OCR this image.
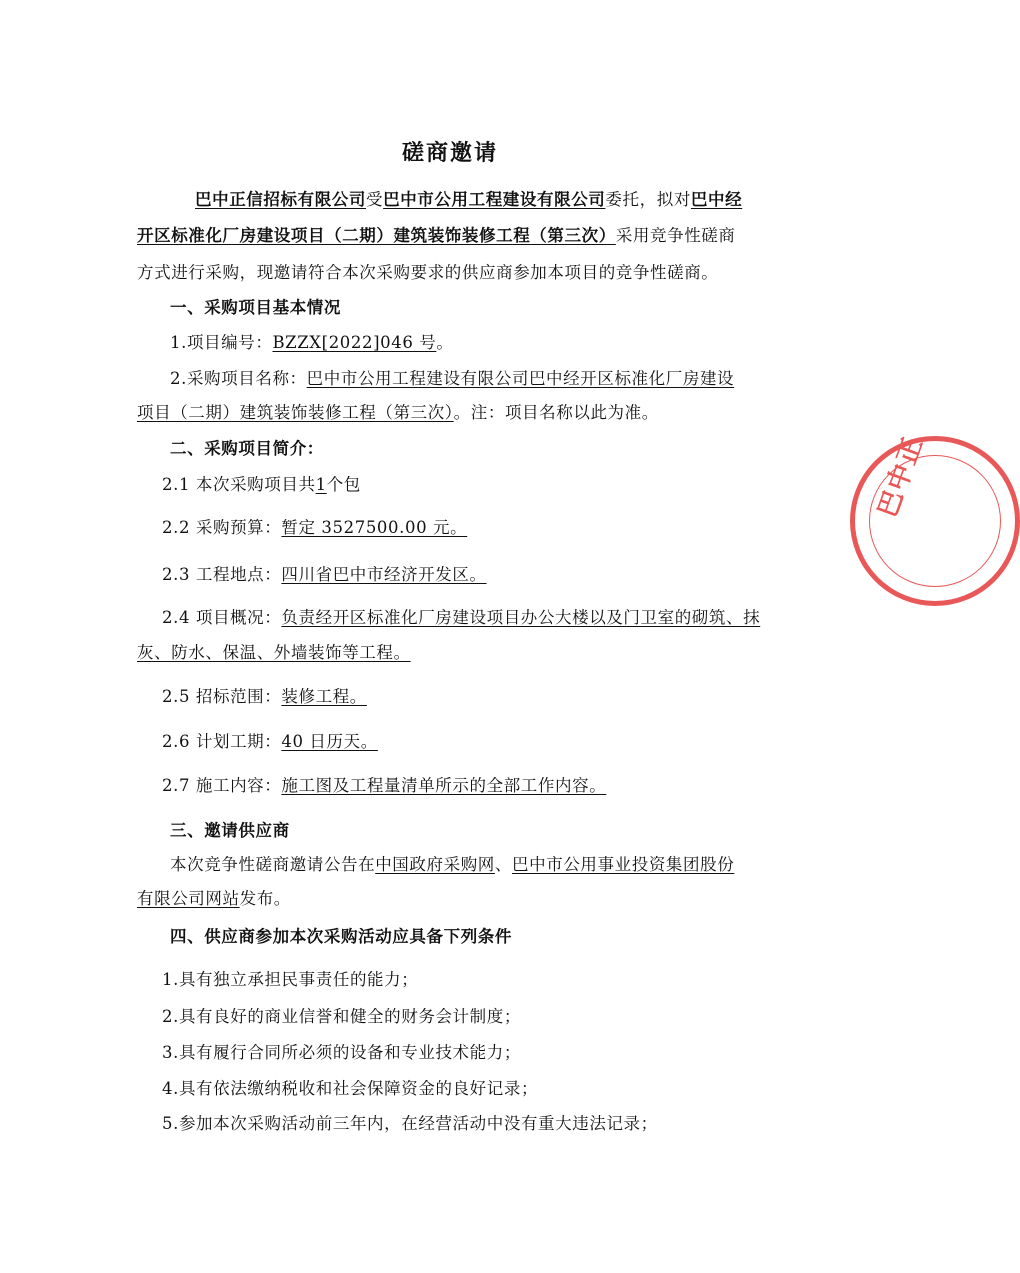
磋商邀请
巴中正信招标有限公司受巴中市公用工程建设有限公司委托，拟对巴中经
开区标准化厂房建设项目（二期）建筑装饰装修工程（第三次）采用竞争性磋商
方式进行采购，现邀请符合本次采购要求的供应商参加本项目的竞争性磋商。
一、采购项目基本情况
1.项目编号：BZZX[2022]046 号。
2.采购项目名称：巴中市公用工程建设有限公司巴中经开区标准化厂房建设
项目（二期）建筑装饰装修工程（第三次）。注：项目名称以此为准。
二、采购项目简介：
2.1 本次采购项目共1个包
2.2 采购预算：暂定 3527500.00 元。
2.3 工程地点：四川省巴中市经济开发区。
2.4 项目概况：负责经开区标准化厂房建设项目办公大楼以及门卫室的砌筑、抹
灰、防水、保温、外墙装饰等工程。
2.5 招标范围：装修工程。
2.6 计划工期：40 日历天。
2.7 施工内容：施工图及工程量清单所示的全部工作内容。
三、邀请供应商
本次竞争性磋商邀请公告在中国政府采购网、巴中市公用事业投资集团股份
有限公司网站发布。
四、供应商参加本次采购活动应具备下列条件
1.具有独立承担民事责任的能力；
2.具有良好的商业信誉和健全的财务会计制度；
3.具有履行合同所必须的设备和专业技术能力；
4.具有依法缴纳税收和社会保障资金的良好记录；
5.参加本次采购活动前三年内，在经营活动中没有重大违法记录；
巴中正
